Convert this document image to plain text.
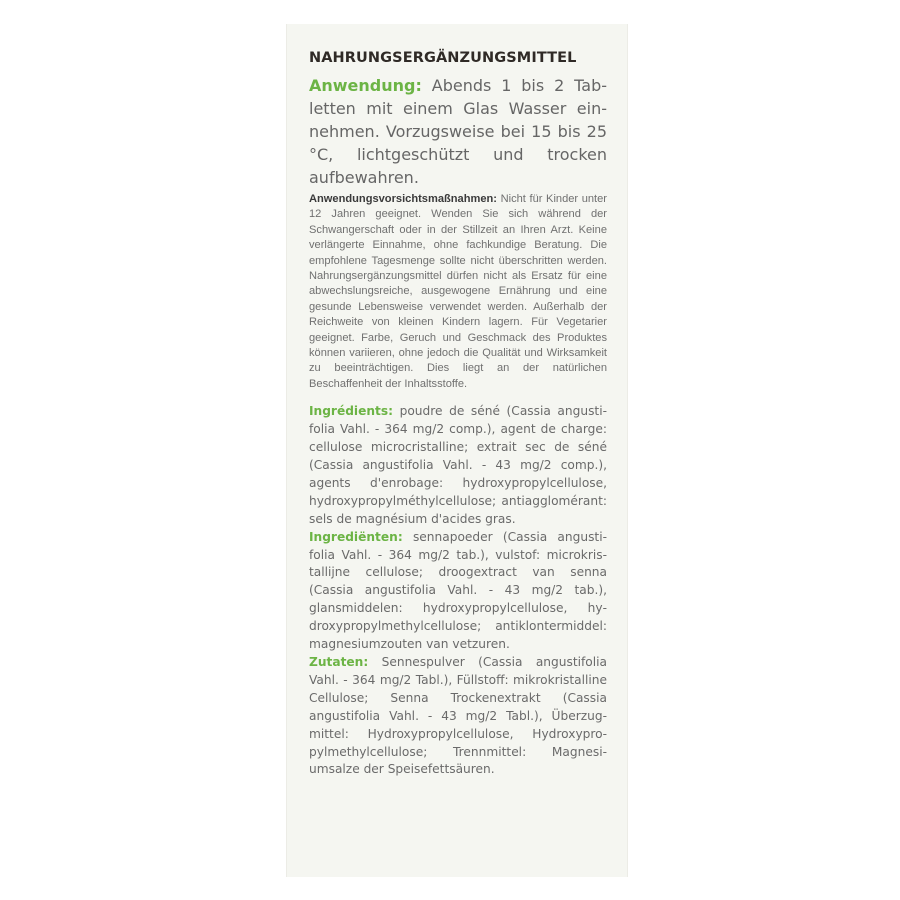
NAHRUNGSERGÄNZUNGSMITTEL
Anwendung: Abends 1 bis 2 Tabletten mit einem Glas Wasser einnehmen. Vorzugsweise bei 15 bis 25 °C, lichtgeschützt und trocken aufbewahren.
Anwendungsvorsichtsmaßnahmen: Nicht für Kinder unter 12 Jahren geeignet. Wenden Sie sich während der Schwangerschaft oder in der Stillzeit an Ihren Arzt. Keine verlängerte Einnahme, ohne fachkundige Beratung. Die empfohlene Tagesmenge sollte nicht überschritten werden. Nahrungsergänzungsmittel dürfen nicht als Ersatz für eine abwechslungsreiche, ausgewogene Ernährung und eine gesunde Lebensweise verwendet werden. Außerhalb der Reichweite von kleinen Kindern lagern. Für Vegetarier geeignet. Farbe, Geruch und Geschmack des Produktes können variieren, ohne jedoch die Qualität und Wirksamkeit zu beeinträchtigen. Dies liegt an der natürlichen Beschaffenheit der Inhaltsstoffe.
Ingrédients: poudre de séné (Cassia angustifolia Vahl. - 364 mg/2 comp.), agent de charge: cellulose microcristalline; extrait sec de séné (Cassia angustifolia Vahl. - 43 mg/2 comp.), agents d'enrobage: hydroxypropylcellulose, hydroxypropylméthylcellulose; antiagglomérant: sels de magnésium d'acides gras.
Ingrediënten: sennapoeder (Cassia angustifolia Vahl. - 364 mg/2 tab.), vulstof: microkristallijne cellulose; droogextract van senna (Cassia angustifolia Vahl. - 43 mg/2 tab.), glansmiddelen: hydroxypropylcellulose, hydroxypropylmethylcellulose; antiklontermiddel: magnesiumzouten van vetzuren.
Zutaten: Sennespulver (Cassia angustifolia Vahl. - 364 mg/2 Tabl.), Füllstoff: mikrokristalline Cellulose; Senna Trockenextrakt (Cassia angustifolia Vahl. - 43 mg/2 Tabl.), Überzugmittel: Hydroxypropylcellulose, Hydroxypropylmethylcellulose; Trennmittel: Magnesiumsalze der Speisefettsäuren.
